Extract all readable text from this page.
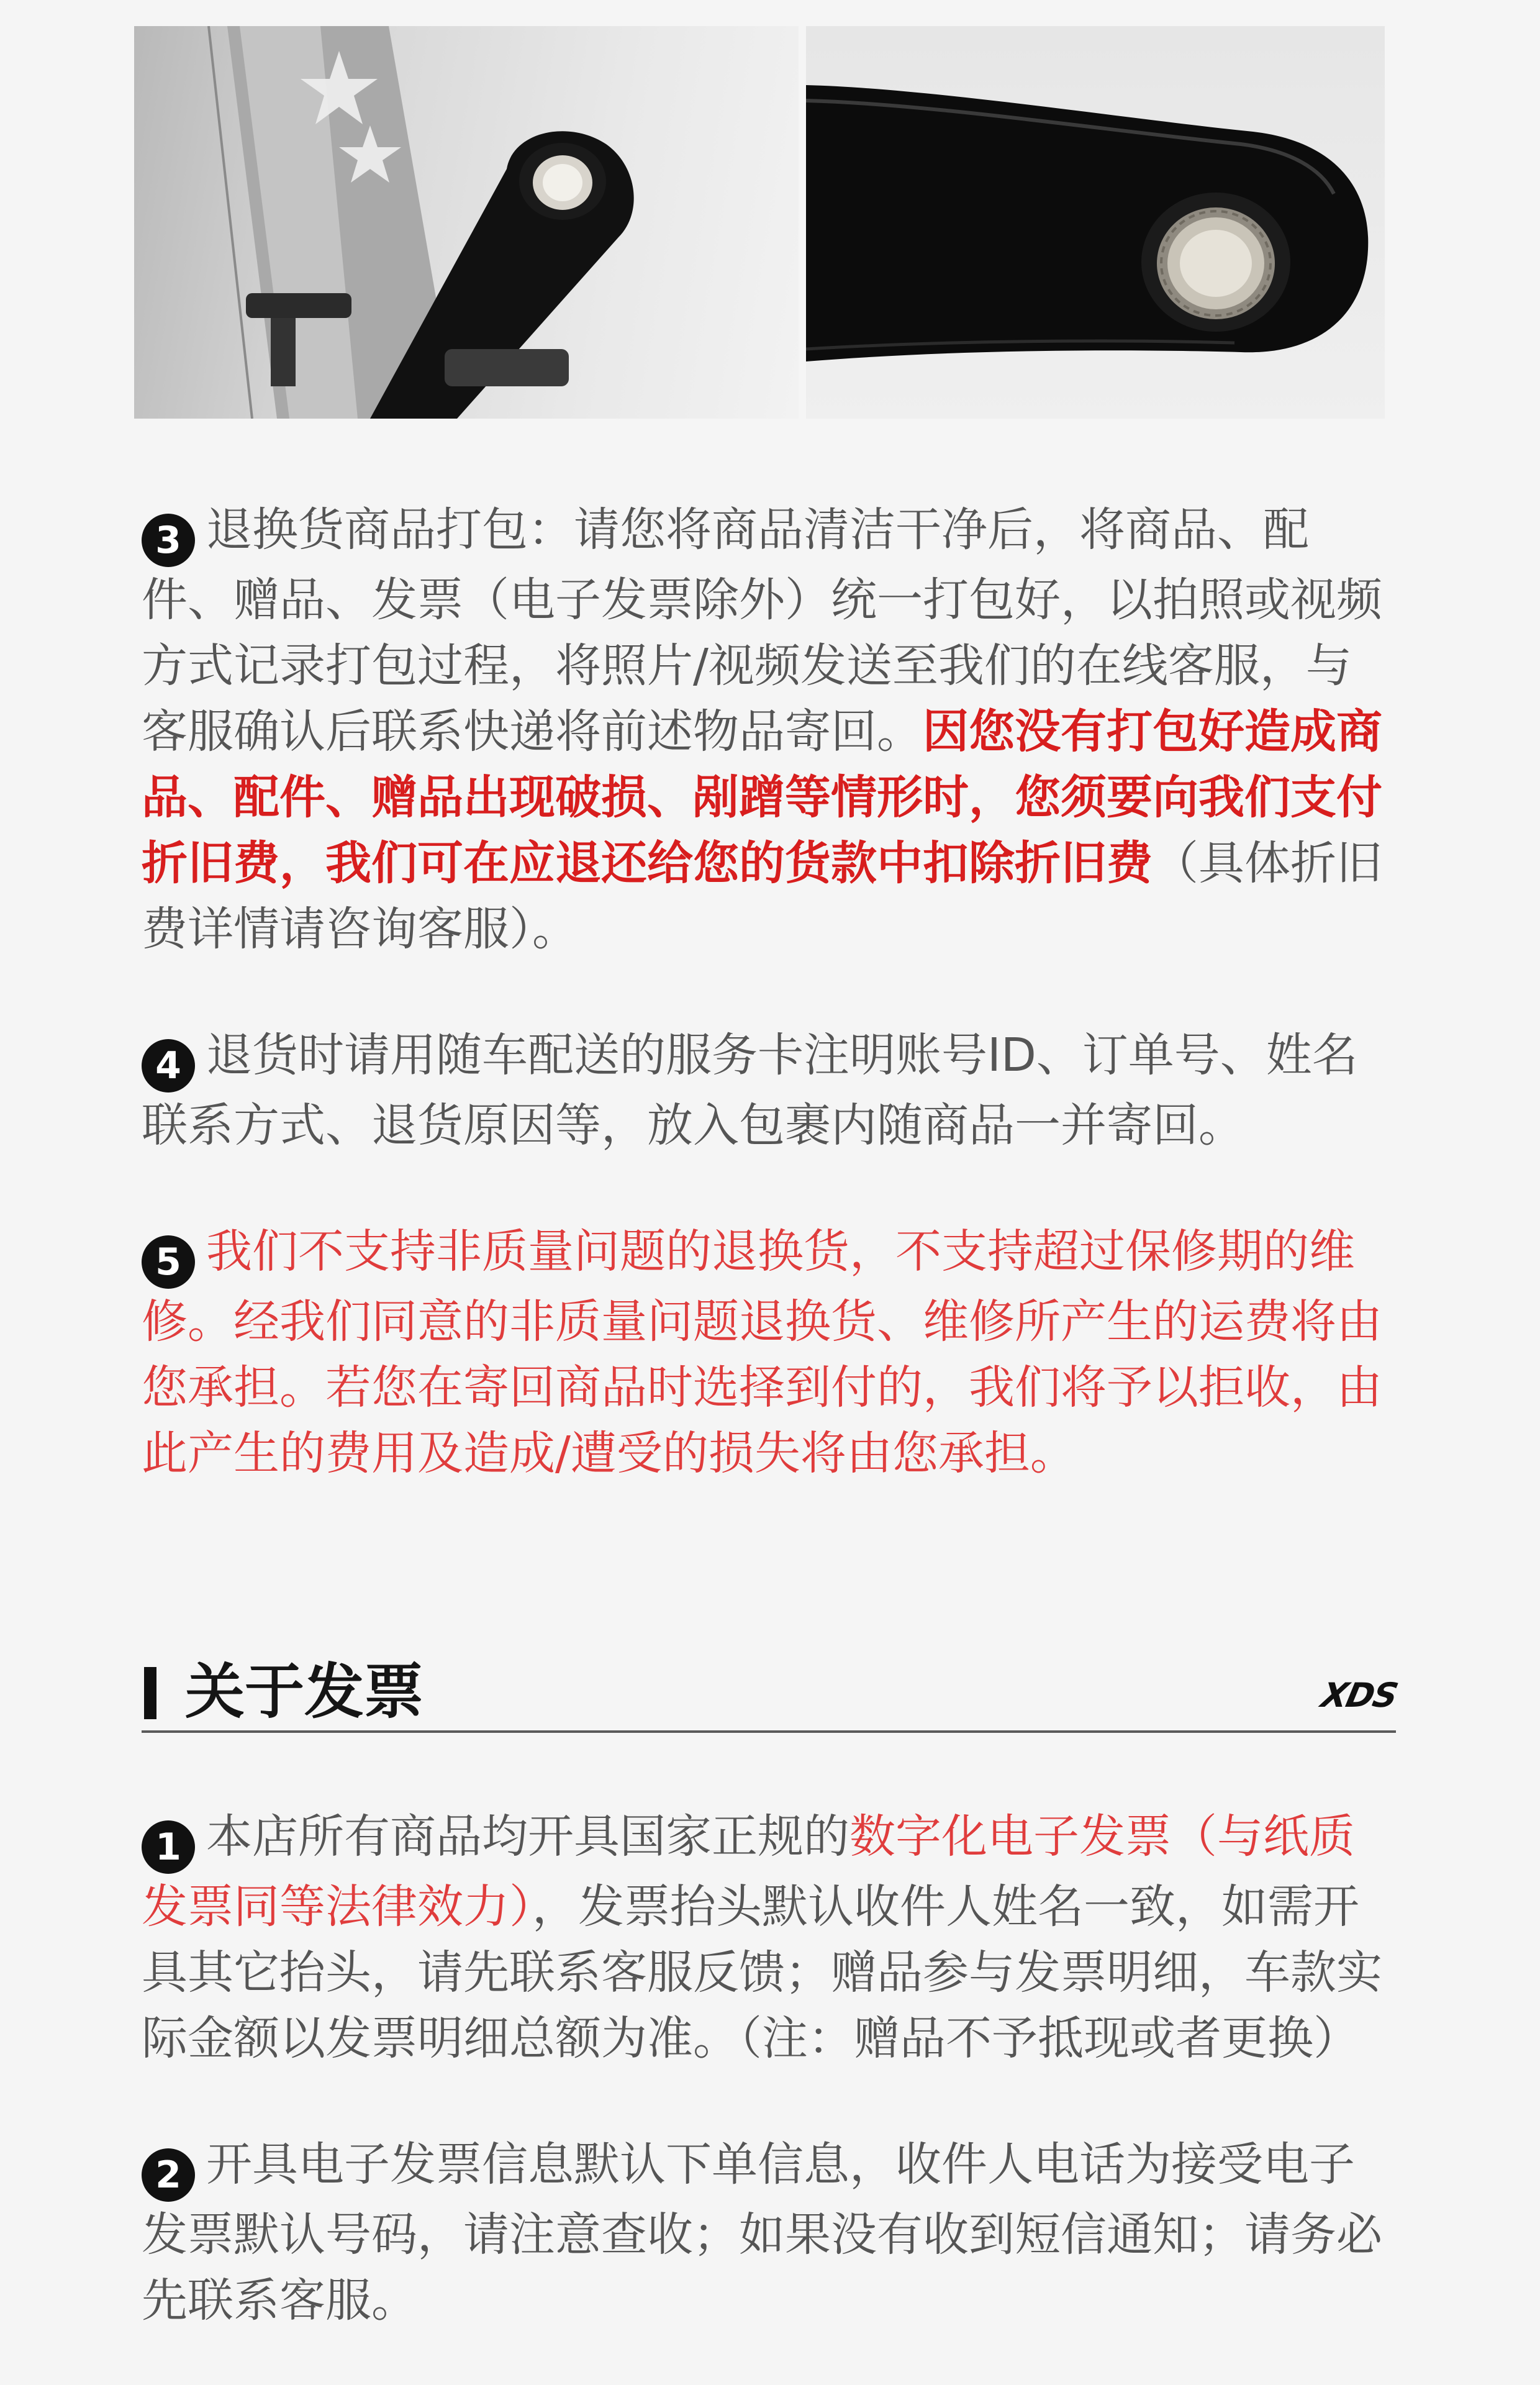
3 退换货商品打包：请您将商品清洁干净后，将商品、配件、赠品、发票（电子发票除外）统一打包好，以拍照或视频方式记录打包过程，将照片/视频发送至我们的在线客服，与客服确认后联系快递将前述物品寄回。因您没有打包好造成商品、配件、赠品出现破损、剐蹭等情形时，您须要向我们支付折旧费，我们可在应退还给您的货款中扣除折旧费（具体折旧费详情请咨询客服）。

4 退货时请用随车配送的服务卡注明账号ID、订单号、姓名联系方式、退货原因等，放入包裹内随商品一并寄回。

5 我们不支持非质量问题的退换货，不支持超过保修期的维修。经我们同意的非质量问题退换货、维修所产生的运费将由您承担。若您在寄回商品时选择到付的，我们将予以拒收，由此产生的费用及造成/遭受的损失将由您承担。

关于发票	XDS

1 本店所有商品均开具国家正规的数字化电子发票（与纸质发票同等法律效力），发票抬头默认收件人姓名一致，如需开具其它抬头，请先联系客服反馈；赠品参与发票明细，车款实际金额以发票明细总额为准。（注：赠品不予抵现或者更换）

2 开具电子发票信息默认下单信息，收件人电话为接受电子发票默认号码，请注意查收；如果没有收到短信通知；请务必先联系客服。
